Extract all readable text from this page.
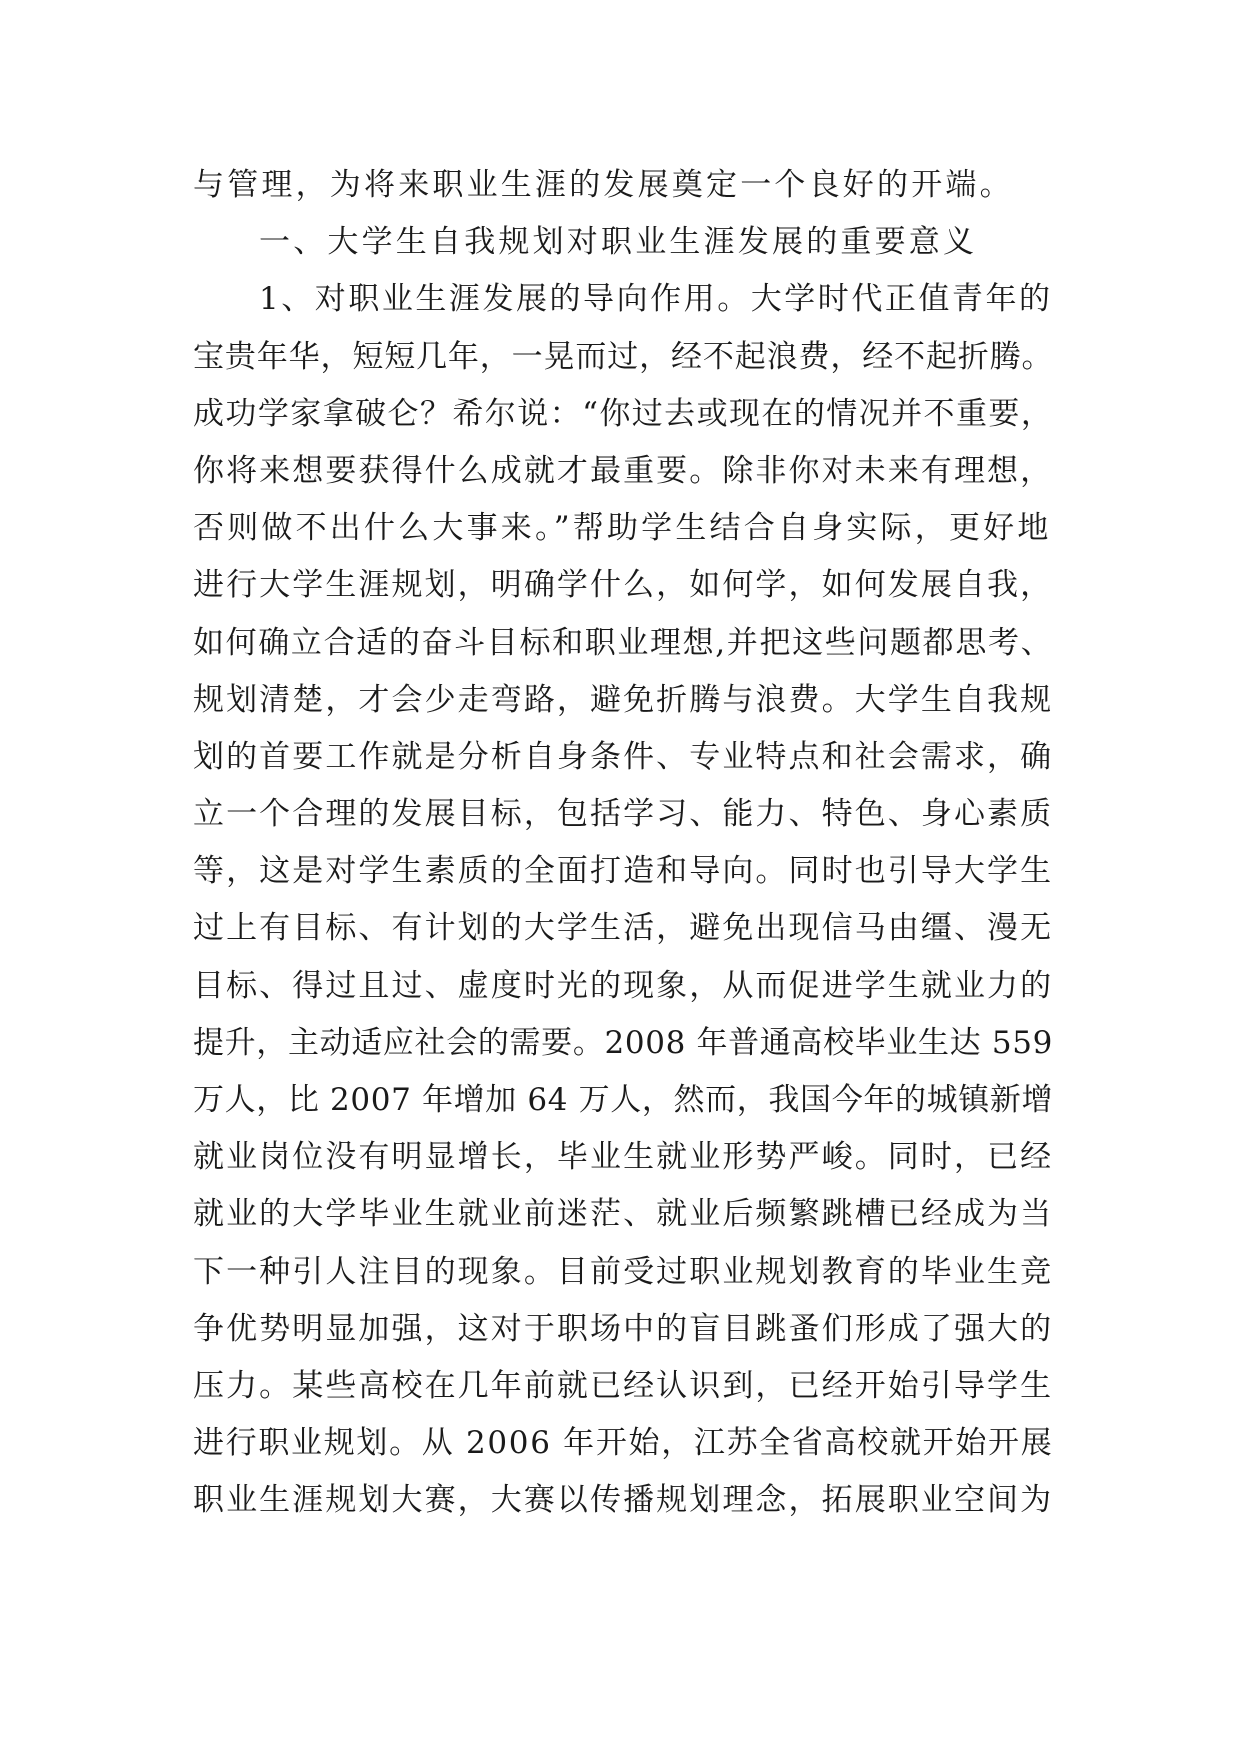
与管理，为将来职业生涯的发展奠定一个良好的开端。
一、大学生自我规划对职业生涯发展的重要意义
1、对职业生涯发展的导向作用。大学时代正值青年的
宝贵年华，短短几年，一晃而过，经不起浪费，经不起折腾。
成功学家拿破仑？希尔说：“你过去或现在的情况并不重要，
你将来想要获得什么成就才最重要。除非你对未来有理想，
否则做不出什么大事来。”帮助学生结合自身实际，更好地
进行大学生涯规划，明确学什么，如何学，如何发展自我，
如何确立合适的奋斗目标和职业理想,并把这些问题都思考、
规划清楚，才会少走弯路，避免折腾与浪费。大学生自我规
划的首要工作就是分析自身条件、专业特点和社会需求，确
立一个合理的发展目标，包括学习、能力、特色、身心素质
等，这是对学生素质的全面打造和导向。同时也引导大学生
过上有目标、有计划的大学生活，避免出现信马由缰、漫无
目标、得过且过、虚度时光的现象，从而促进学生就业力的
提升，主动适应社会的需要。2008 年普通高校毕业生达 559
万人，比 2007 年增加 64 万人，然而，我国今年的城镇新增
就业岗位没有明显增长，毕业生就业形势严峻。同时，已经
就业的大学毕业生就业前迷茫、就业后频繁跳槽已经成为当
下一种引人注目的现象。目前受过职业规划教育的毕业生竞
争优势明显加强，这对于职场中的盲目跳蚤们形成了强大的
压力。某些高校在几年前就已经认识到，已经开始引导学生
进行职业规划。从 2006 年开始，江苏全省高校就开始开展
职业生涯规划大赛，大赛以传播规划理念，拓展职业空间为
